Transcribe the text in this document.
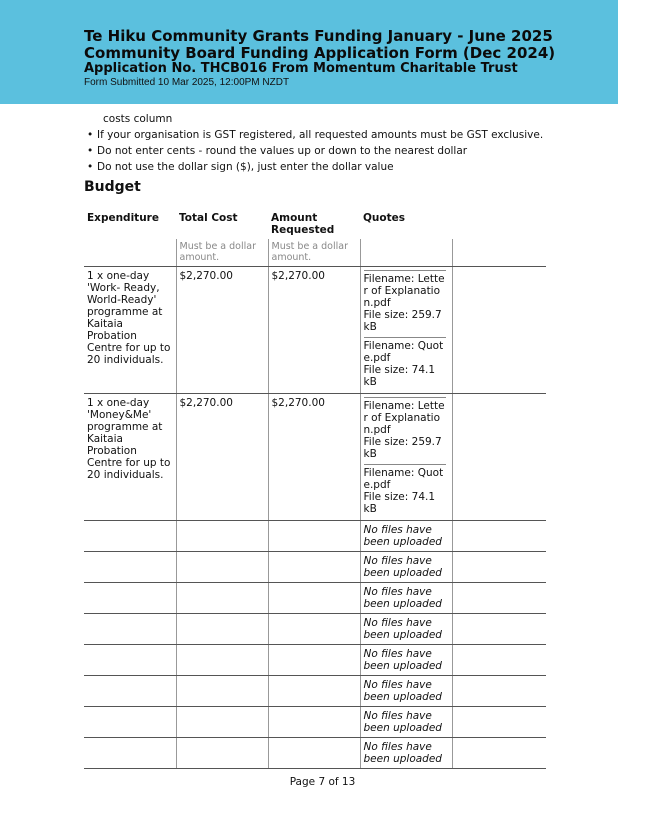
Te Hiku Community Grants Funding January - June 2025
Community Board Funding Application Form (Dec 2024)
Application No. THCB016 From Momentum Charitable Trust
Form Submitted 10 Mar 2025, 12:00PM NZDT
costs column
• If your organisation is GST registered, all requested amounts must be GST exclusive.
• Do not enter cents - round the values up or down to the nearest dollar
• Do not use the dollar sign ($), just enter the dollar value
Budget
Expenditure	Total Cost	Amount Requested	Quotes	
	Must be a dollar amount.	Must be a dollar amount.		
1 x one-day 'Work- Ready, World-Ready' programme at Kaitaia Probation Centre for up to 20 individuals.	$2,270.00	$2,270.00	Filename: Letter of Explanation.pdf
File size: 259.7 kB
Filename: Quote.pdf
File size: 74.1 kB	

1 x one-day 'Money&Me' programme at Kaitaia Probation Centre for up to 20 individuals.	$2,270.00	$2,270.00	Filename: Letter of Explanation.pdf
File size: 259.7 kB
Filename: Quote.pdf
File size: 74.1 kB	

			No files have been uploaded	
			No files have been uploaded	
			No files have been uploaded	
			No files have been uploaded	
			No files have been uploaded	
			No files have been uploaded	
			No files have been uploaded	
			No files have been uploaded	
Page 7 of 13
